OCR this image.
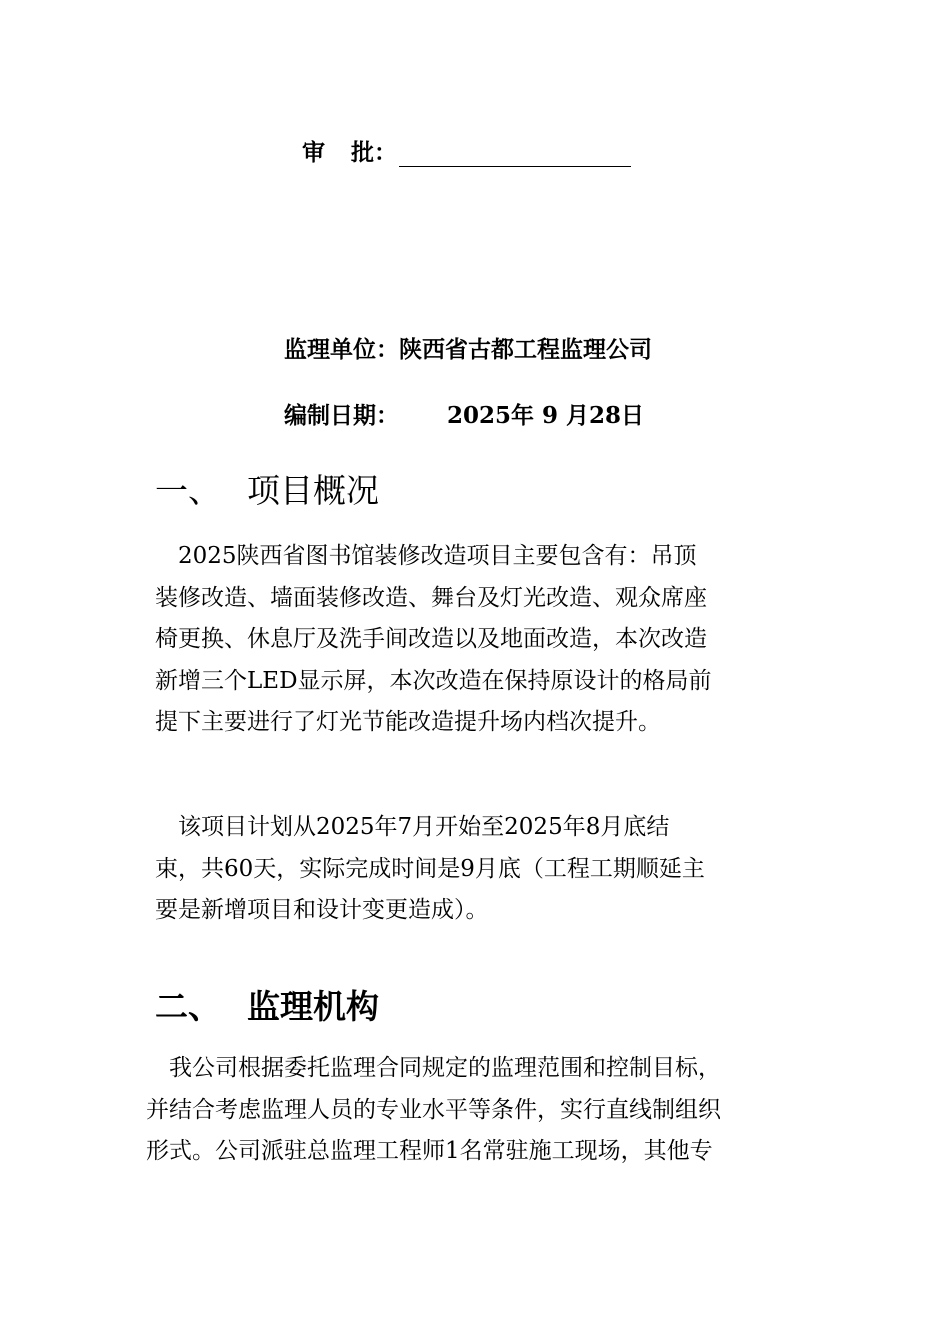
审 批：
监理单位：陕西省古都工程监理公司
编制日期： 2025年 9 月28日
一、 项目概况
　2025陕西省图书馆装修改造项目主要包含有：吊顶
装修改造、墙面装修改造、舞台及灯光改造、观众席座
椅更换、休息厅及洗手间改造以及地面改造，本次改造
新增三个LED显示屏，本次改造在保持原设计的格局前
提下主要进行了灯光节能改造提升场内档次提升。
　该项目计划从2025年7月开始至2025年8月底结
束，共60天，实际完成时间是9月底（工程工期顺延主
要是新增项目和设计变更造成）。
二、 监理机构
　我公司根据委托监理合同规定的监理范围和控制目标，
并结合考虑监理人员的专业水平等条件，实行直线制组织
形式。公司派驻总监理工程师1名常驻施工现场，其他专
